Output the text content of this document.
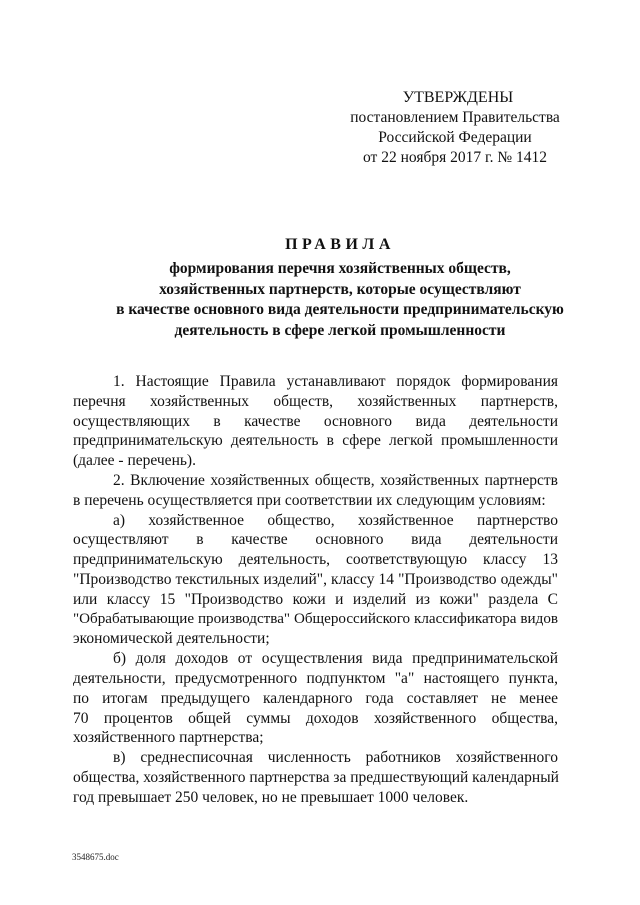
УТВЕРЖДЕНЫ
постановлением Правительства
Российской Федерации
от 22 ноября 2017 г. № 1412
ПРАВИЛА
формирования перечня хозяйственных обществ,
хозяйственных партнерств, которые осуществляют
в качестве основного вида деятельности предпринимательскую
деятельность в сфере легкой промышленности
1. Настоящие Правила устанавливают порядок формирования
перечня хозяйственных обществ, хозяйственных партнерств,
осуществляющих в качестве основного вида деятельности
предпринимательскую деятельность в сфере легкой промышленности
(далее - перечень).
2. Включение хозяйственных обществ, хозяйственных партнерств
в перечень осуществляется при соответствии их следующим условиям:
а) хозяйственное общество, хозяйственное партнерство
осуществляют в качестве основного вида деятельности
предпринимательскую деятельность, соответствующую классу 13
"Производство текстильных изделий", классу 14 "Производство одежды"
или классу 15 "Производство кожи и изделий из кожи" раздела С
"Обрабатывающие производства" Общероссийского классификатора видов
экономической деятельности;
б) доля доходов от осуществления вида предпринимательской
деятельности, предусмотренного подпунктом "а" настоящего пункта,
по итогам предыдущего календарного года составляет не менее
70 процентов общей суммы доходов хозяйственного общества,
хозяйственного партнерства;
в) среднесписочная численность работников хозяйственного
общества, хозяйственного партнерства за предшествующий календарный
год превышает 250 человек, но не превышает 1000 человек.
3548675.doc
